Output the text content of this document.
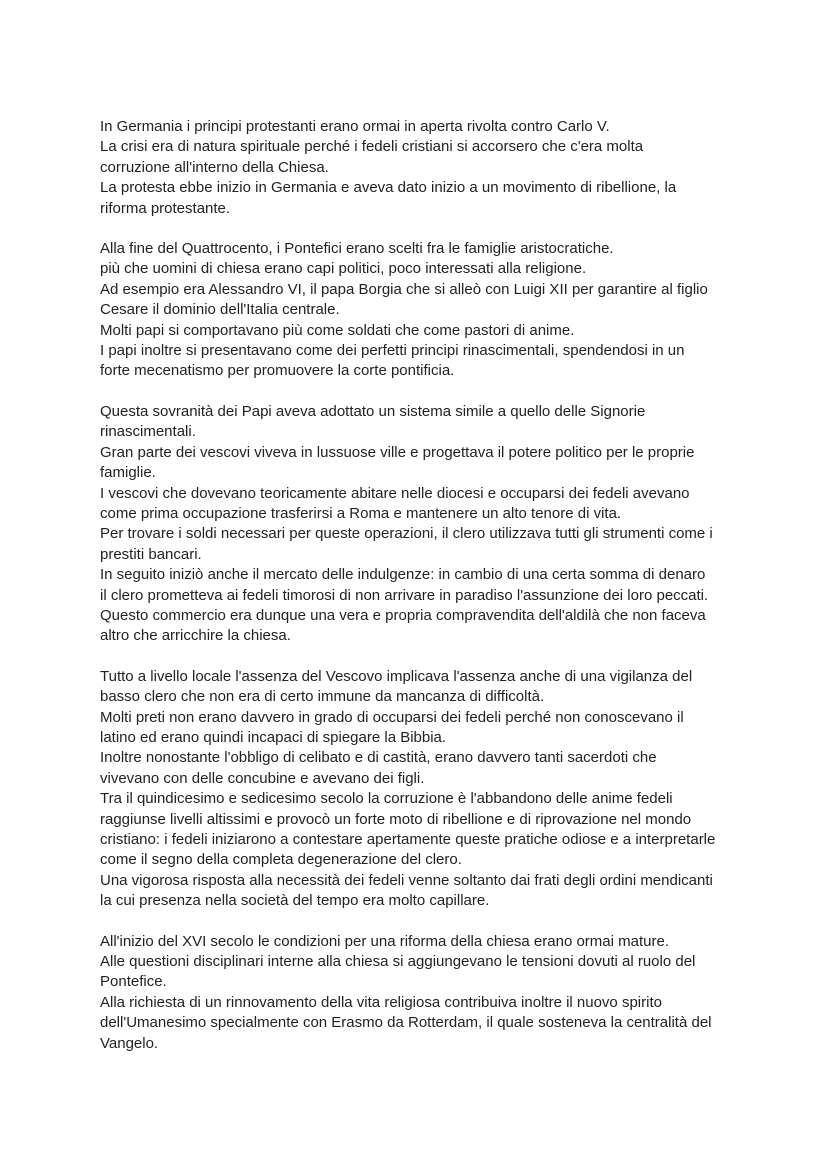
In Germania i principi protestanti erano ormai in aperta rivolta contro Carlo V.
La crisi era di natura spirituale perché i fedeli cristiani si accorsero che c'era molta
corruzione all'interno della Chiesa.
La protesta ebbe inizio in Germania e aveva dato inizio a un movimento di ribellione, la
riforma protestante.

Alla fine del Quattrocento, i Pontefici erano scelti fra le famiglie aristocratiche.
più che uomini di chiesa erano capi politici, poco interessati alla religione.
Ad esempio era Alessandro VI, il papa Borgia che si alleò con Luigi XII per garantire al figlio
Cesare il dominio dell'Italia centrale.
Molti papi si comportavano più come soldati che come pastori di anime.
I papi inoltre si presentavano come dei perfetti principi rinascimentali, spendendosi in un
forte mecenatismo per promuovere la corte pontificia.

Questa sovranità dei Papi aveva adottato un sistema simile a quello delle Signorie
rinascimentali.
Gran parte dei vescovi viveva in lussuose ville e progettava il potere politico per le proprie
famiglie.
I vescovi che dovevano teoricamente abitare nelle diocesi e occuparsi dei fedeli avevano
come prima occupazione trasferirsi a Roma e mantenere un alto tenore di vita.
Per trovare i soldi necessari per queste operazioni, il clero utilizzava tutti gli strumenti come i
prestiti bancari.
In seguito iniziò anche il mercato delle indulgenze: in cambio di una certa somma di denaro
il clero prometteva ai fedeli timorosi di non arrivare in paradiso l'assunzione dei loro peccati.
Questo commercio era dunque una vera e propria compravendita dell'aldilà che non faceva
altro che arricchire la chiesa.

Tutto a livello locale l'assenza del Vescovo implicava l'assenza anche di una vigilanza del
basso clero che non era di certo immune da mancanza di difficoltà.
Molti preti non erano davvero in grado di occuparsi dei fedeli perché non conoscevano il
latino ed erano quindi incapaci di spiegare la Bibbia.
Inoltre nonostante l'obbligo di celibato e di castità, erano davvero tanti sacerdoti che
vivevano con delle concubine e avevano dei figli.
Tra il quindicesimo e sedicesimo secolo la corruzione è l'abbandono delle anime fedeli
raggiunse livelli altissimi e provocò un forte moto di ribellione e di riprovazione nel mondo
cristiano: i fedeli iniziarono a contestare apertamente queste pratiche odiose e a interpretarle
come il segno della completa degenerazione del clero.
Una vigorosa risposta alla necessità dei fedeli venne soltanto dai frati degli ordini mendicanti
la cui presenza nella società del tempo era molto capillare.

All'inizio del XVI secolo le condizioni per una riforma della chiesa erano ormai mature.
Alle questioni disciplinari interne alla chiesa si aggiungevano le tensioni dovuti al ruolo del
Pontefice.
Alla richiesta di un rinnovamento della vita religiosa contribuiva inoltre il nuovo spirito
dell'Umanesimo specialmente con Erasmo da Rotterdam, il quale sosteneva la centralità del
Vangelo.
